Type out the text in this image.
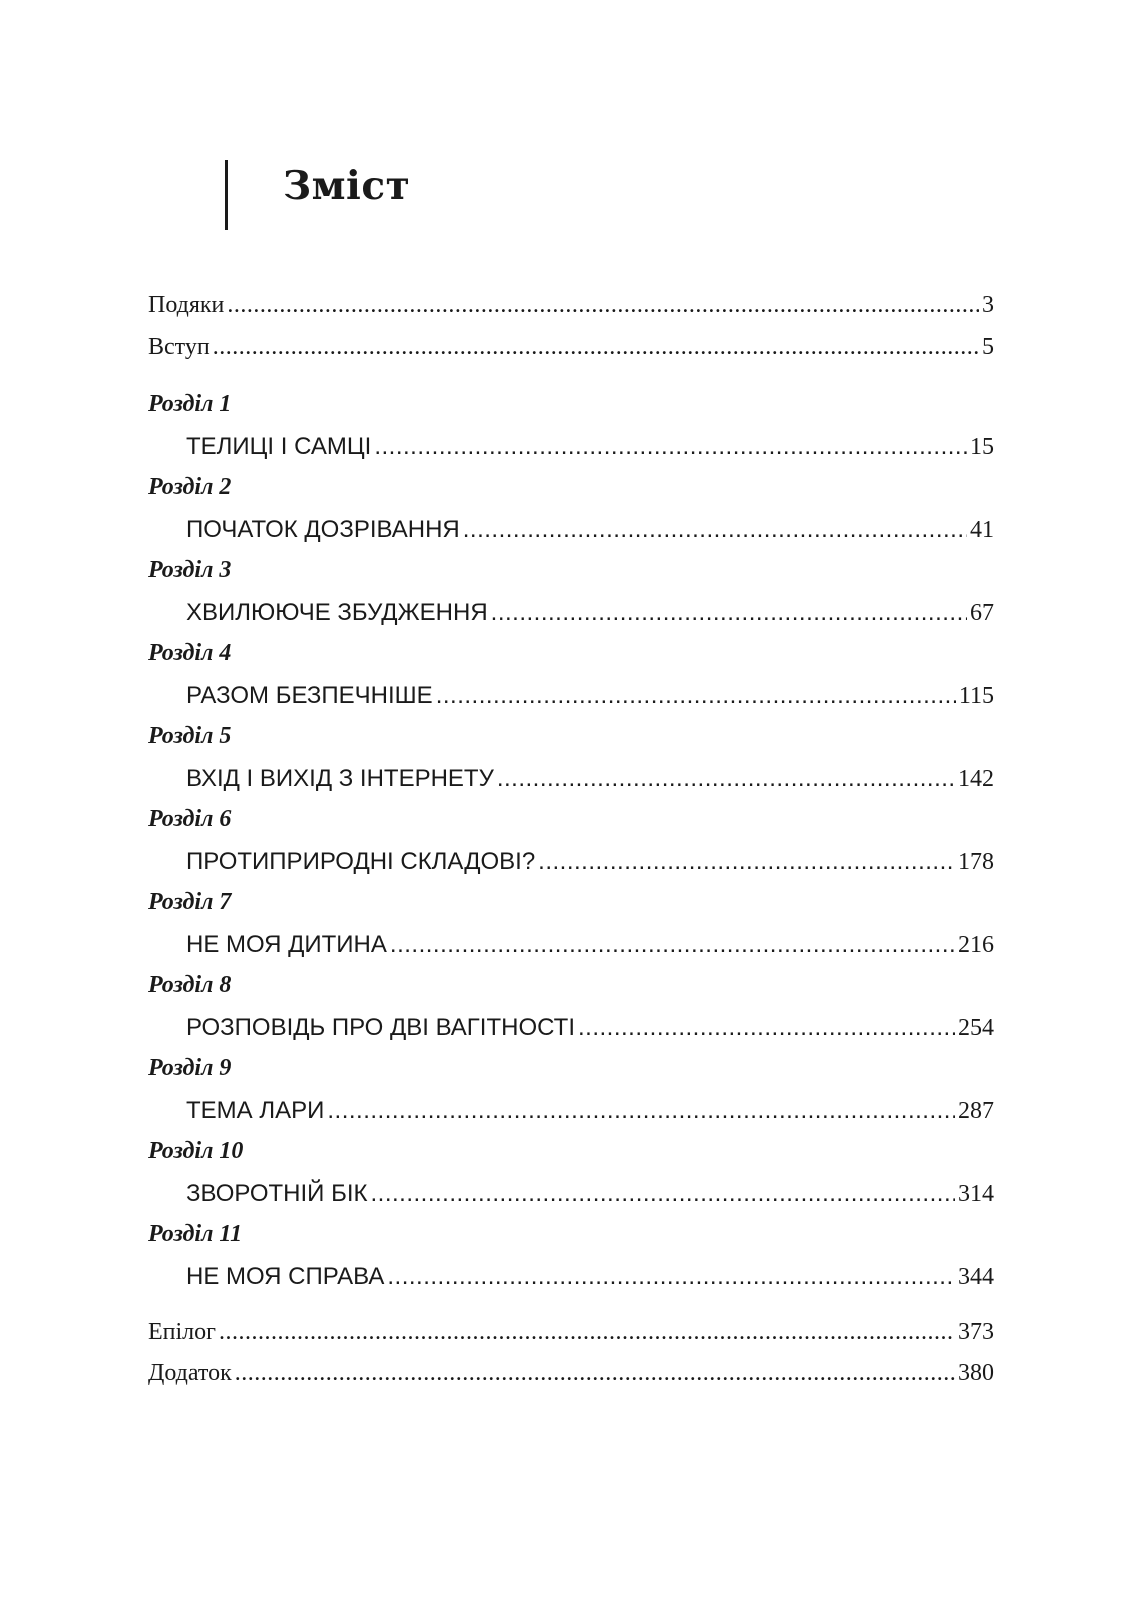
Зміст
Подяки .....	3
Вступ .....	5
Розділ 1
ТЕЛИЦІ І САМЦІ .....	15
Розділ 2
ПОЧАТОК ДОЗРІВАННЯ .....	41
Розділ 3
ХВИЛЮЮЧЕ ЗБУДЖЕННЯ .....	67
Розділ 4
РАЗОМ БЕЗПЕЧНІШЕ .....	115
Розділ 5
ВХІД І ВИХІД З ІНТЕРНЕТУ .....	142
Розділ 6
ПРОТИПРИРОДНІ СКЛАДОВІ? .....	178
Розділ 7
НЕ МОЯ ДИТИНА .....	216
Розділ 8
РОЗПОВІДЬ ПРО ДВІ ВАГІТНОСТІ .....	254
Розділ 9
ТЕМА ЛАРИ .....	287
Розділ 10
ЗВОРОТНІЙ БІК .....	314
Розділ 11
НЕ МОЯ СПРАВА .....	344
Епілог .....	373
Додаток .....	380
